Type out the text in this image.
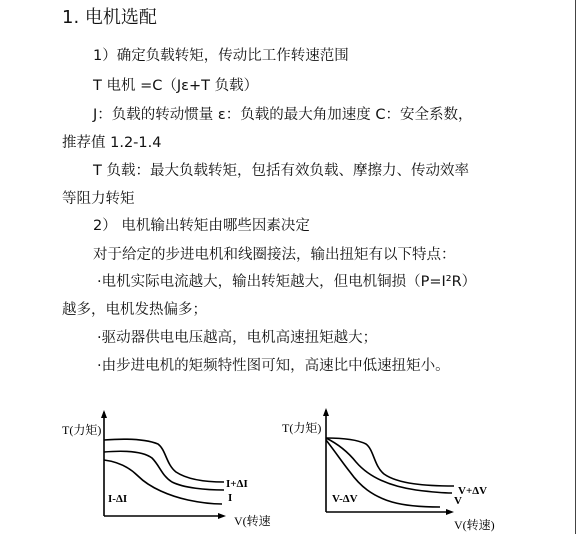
1. 电机选配
1）确定负载转矩，传动比工作转速范围
T 电机 =C（Jε+T 负载）
J：负载的转动惯量 ε：负载的最大角加速度 C：安全系数，
推荐值 1.2-1.4
T 负载：最大负载转矩，包括有效负载、摩擦力、传动效率
等阻力转矩
2） 电机输出转矩由哪些因素决定
对于给定的步进电机和线圈接法，输出扭矩有以下特点：
·电机实际电流越大，输出转矩越大，但电机铜损（P=I²R）
越多，电机发热偏多；
·驱动器供电电压越高，电机高速扭矩越大；
·由步进电机的矩频特性图可知，高速比中低速扭矩小。
T(力矩)
I+ΔI
I
I-ΔI
V(转速
T(力矩)
V+ΔV
V
V-ΔV
V(转速)
